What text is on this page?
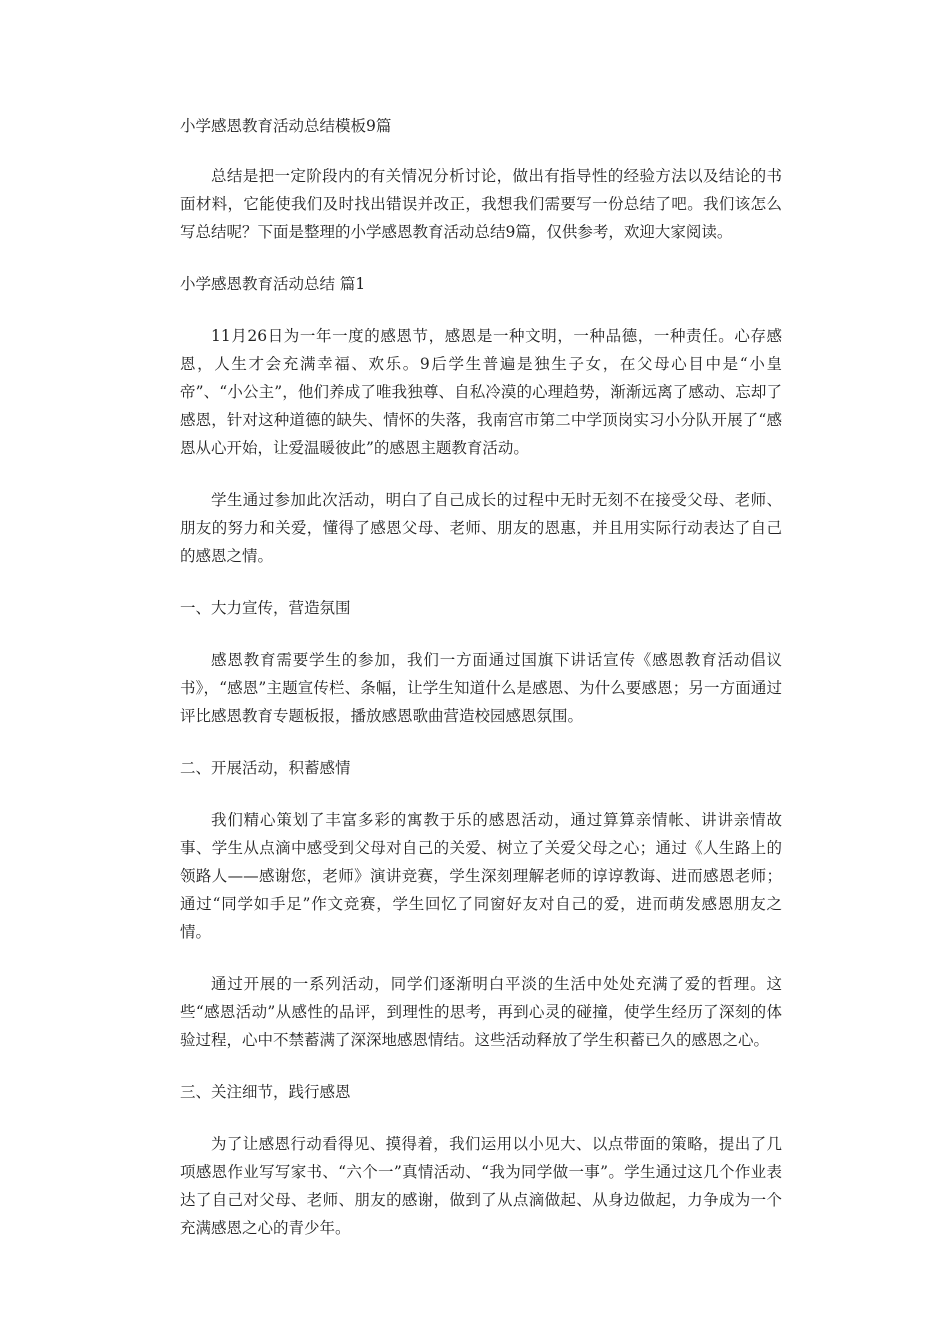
小学感恩教育活动总结模板9篇

总结是把一定阶段内的有关情况分析讨论，做出有指导性的经验方法以及结论的书面材料，它能使我们及时找出错误并改正，我想我们需要写一份总结了吧。我们该怎么写总结呢？下面是整理的小学感恩教育活动总结9篇，仅供参考，欢迎大家阅读。

小学感恩教育活动总结 篇1

11月26日为一年一度的感恩节，感恩是一种文明，一种品德，一种责任。心存感恩，人生才会充满幸福、欢乐。9后学生普遍是独生子女，在父母心目中是“小皇帝”、“小公主”，他们养成了唯我独尊、自私冷漠的心理趋势，渐渐远离了感动、忘却了感恩，针对这种道德的缺失、情怀的失落，我南宫市第二中学顶岗实习小分队开展了“感恩从心开始，让爱温暖彼此”的感恩主题教育活动。

学生通过参加此次活动，明白了自己成长的过程中无时无刻不在接受父母、老师、朋友的努力和关爱，懂得了感恩父母、老师、朋友的恩惠，并且用实际行动表达了自己的感恩之情。

一、大力宣传，营造氛围

感恩教育需要学生的参加，我们一方面通过国旗下讲话宣传《感恩教育活动倡议书》，“感恩”主题宣传栏、条幅，让学生知道什么是感恩、为什么要感恩；另一方面通过评比感恩教育专题板报，播放感恩歌曲营造校园感恩氛围。

二、开展活动，积蓄感情

我们精心策划了丰富多彩的寓教于乐的感恩活动，通过算算亲情帐、讲讲亲情故事、学生从点滴中感受到父母对自己的关爱、树立了关爱父母之心；通过《人生路上的领路人——感谢您，老师》演讲竞赛，学生深刻理解老师的谆谆教诲、进而感恩老师；通过“同学如手足”作文竞赛，学生回忆了同窗好友对自己的爱，进而萌发感恩朋友之情。

通过开展的一系列活动，同学们逐渐明白平淡的生活中处处充满了爱的哲理。这些“感恩活动”从感性的品评，到理性的思考，再到心灵的碰撞，使学生经历了深刻的体验过程，心中不禁蓄满了深深地感恩情结。这些活动释放了学生积蓄已久的感恩之心。

三、关注细节，践行感恩

为了让感恩行动看得见、摸得着，我们运用以小见大、以点带面的策略，提出了几项感恩作业写写家书、“六个一”真情活动、“我为同学做一事”。学生通过这几个作业表达了自己对父母、老师、朋友的感谢，做到了从点滴做起、从身边做起，力争成为一个充满感恩之心的青少年。
